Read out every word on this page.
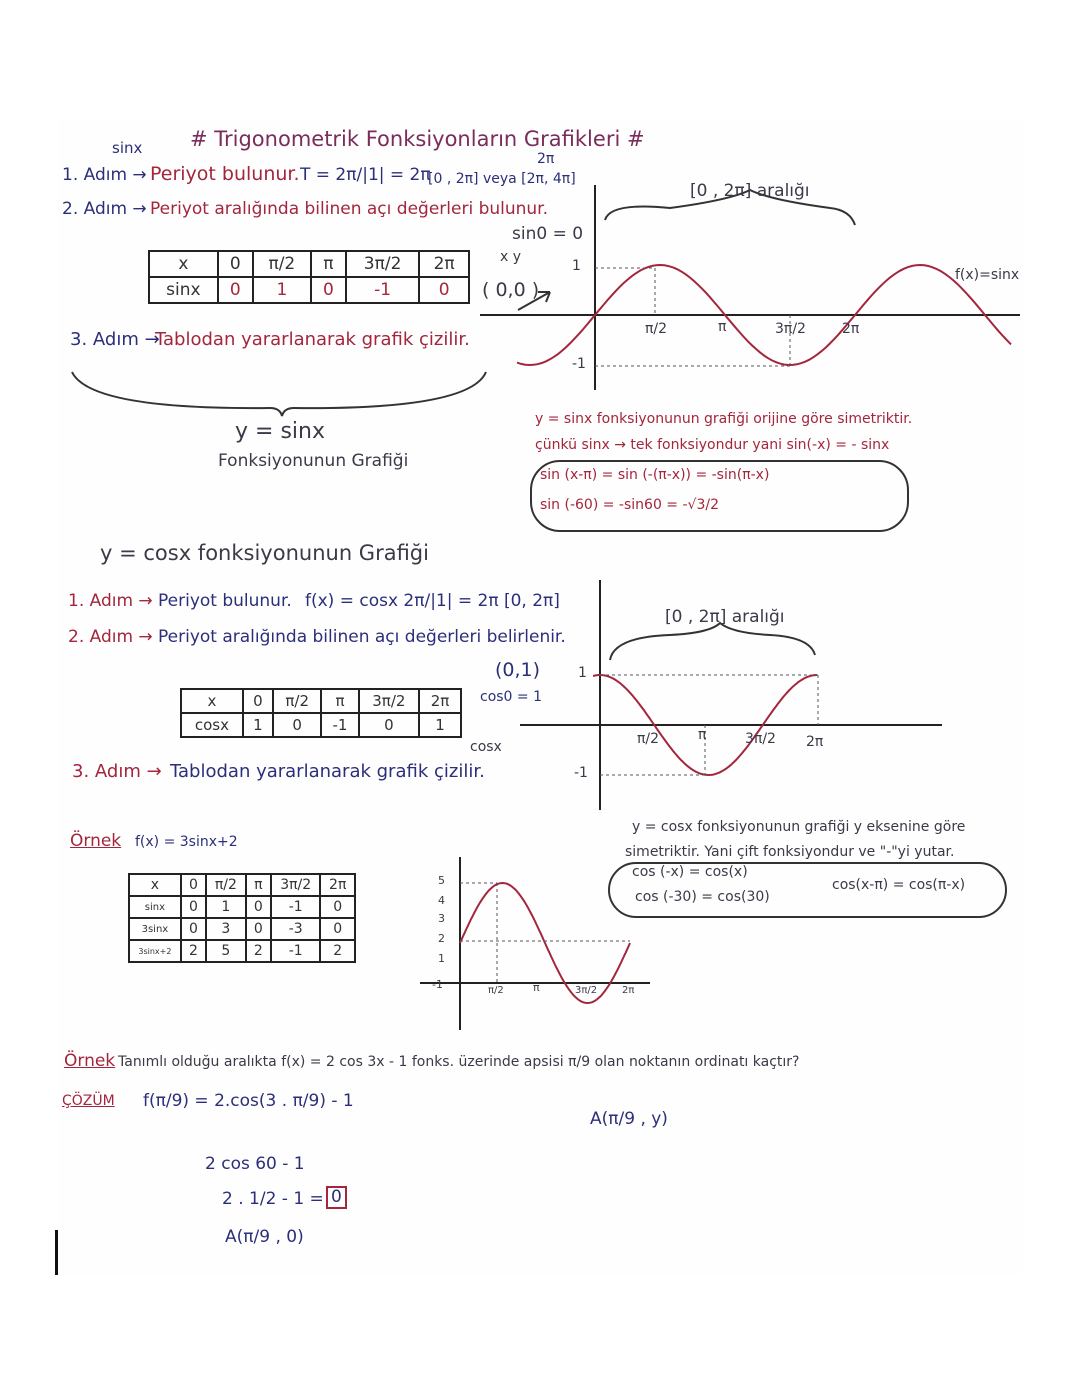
sinx # Trigonometrik Fonksiyonların Grafikleri #
1. Adım → Periyot bulunur. T = 2π/|1| = 2π
[0 , 2π] veya [2π, 4π]
2π
2. Adım → Periyot aralığında bilinen açı değerleri bulunur.
x	0	π/2	π	3π/2	2π
sinx	0	1	0	-1	0
3. Adım →
Tablodan yararlanarak grafik çizilir.
y = sinx
Fonksiyonunun Grafiği
[0 , 2π] aralığı
f(x)=sinx
sin0 = 0
x y
( 0,0 )
1
-1
π/2	π	3π/2	2π
y = sinx fonksiyonunun grafiği orijine göre simetriktir.
çünkü sinx → tek fonksiyondur yani sin(-x) = - sinx
sin (x-π) = sin (-(π-x)) = -sin(π-x)
sin (-60) = -sin60 = -√3/2
y = cosx fonksiyonunun Grafiği
1. Adım → Periyot bulunur. f(x) = cosx 2π/|1| = 2π [0, 2π]
2. Adım → Periyot aralığında bilinen açı değerleri belirlenir.
x	0	π/2	π	3π/2	2π
cosx	1	0	-1	0	1
cosx
3. Adım → Tablodan yararlanarak grafik çizilir.
[0 , 2π] aralığı
(0,1)
cos0 = 1
1
-1
π/2	π	3π/2 2π
y = cosx fonksiyonunun grafiği y eksenine göre
simetriktir. Yani çift fonksiyondur ve "-"yi yutar.
cos (-x) = cos(x)
cos (-30) = cos(30)
cos(x-π) = cos(π-x)
Örnek f(x) = 3sinx+2
x	0	π/2	π	3π/2	2π
sinx	0	1	0	-1	0
3sinx	0	3	0	-3	0
3sinx+2	2	5	2	-1	2
5
4
3
2
1
-1	π/2	π	3π/2 2π
Örnek Tanımlı olduğu aralıkta f(x) = 2 cos 3x - 1 fonks. üzerinde apsisi π/9 olan noktanın ordinatı kaçtır?
ÇÖZÜM f(π/9) = 2.cos(3 . π/9) - 1
A(π/9 , y)
2 cos 60 - 1
2 . 1/2 - 1 = 0
A(π/9 , 0)
